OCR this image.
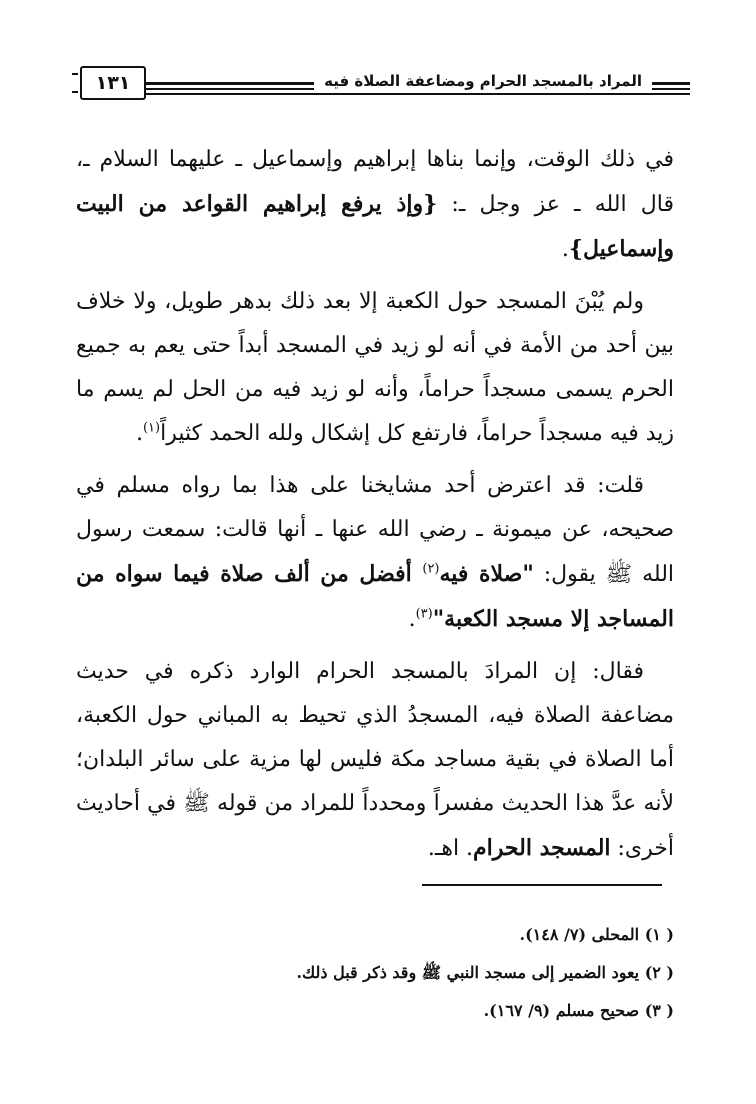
المراد بالمسجد الحرام ومضاعفة الصلاة فيه
١٣١

في ذلك الوقت، وإنما بناها إبراهيم وإسماعيل ـ عليهما السلام ـ، قال الله ـ عز وجل ـ: {وإذ يرفع إبراهيم القواعد من البيت وإسماعيل}.

ولم يُبْنَ المسجد حول الكعبة إلا بعد ذلك بدهر طويل، ولا خلاف بين أحد من الأمة في أنه لو زيد في المسجد أبداً حتى يعم به جميع الحرم يسمى مسجداً حراماً، وأنه لو زيد فيه من الحل لم يسم ما زيد فيه مسجداً حراماً، فارتفع كل إشكال ولله الحمد كثيراً$^{(١)}$.

قلت: قد اعترض أحد مشايخنا على هذا بما رواه مسلم في صحيحه، عن ميمونة ـ رضي الله عنها ـ أنها قالت: سمعت رسول الله ﷺ يقول: "صلاة فيه$^{(٢)}$ أفضل من ألف صلاة فيما سواه من المساجد إلا مسجد الكعبة"$^{(٣)}$.

فقال: إن المرادَ بالمسجد الحرام الوارد ذكره في حديث مضاعفة الصلاة فيه، المسجدُ الذي تحيط به المباني حول الكعبة، أما الصلاة في بقية مساجد مكة فليس لها مزية على سائر البلدان؛ لأنه عدَّ هذا الحديث مفسراً ومحدداً للمراد من قوله ﷺ في أحاديث أخرى: المسجد الحرام. اهـ.

( ١) المحلى (٧/ ١٤٨).
( ٢) يعود الضمير إلى مسجد النبي ﷺ وقد ذكر قبل ذلك.
( ٣) صحيح مسلم (٩/ ١٦٧).
